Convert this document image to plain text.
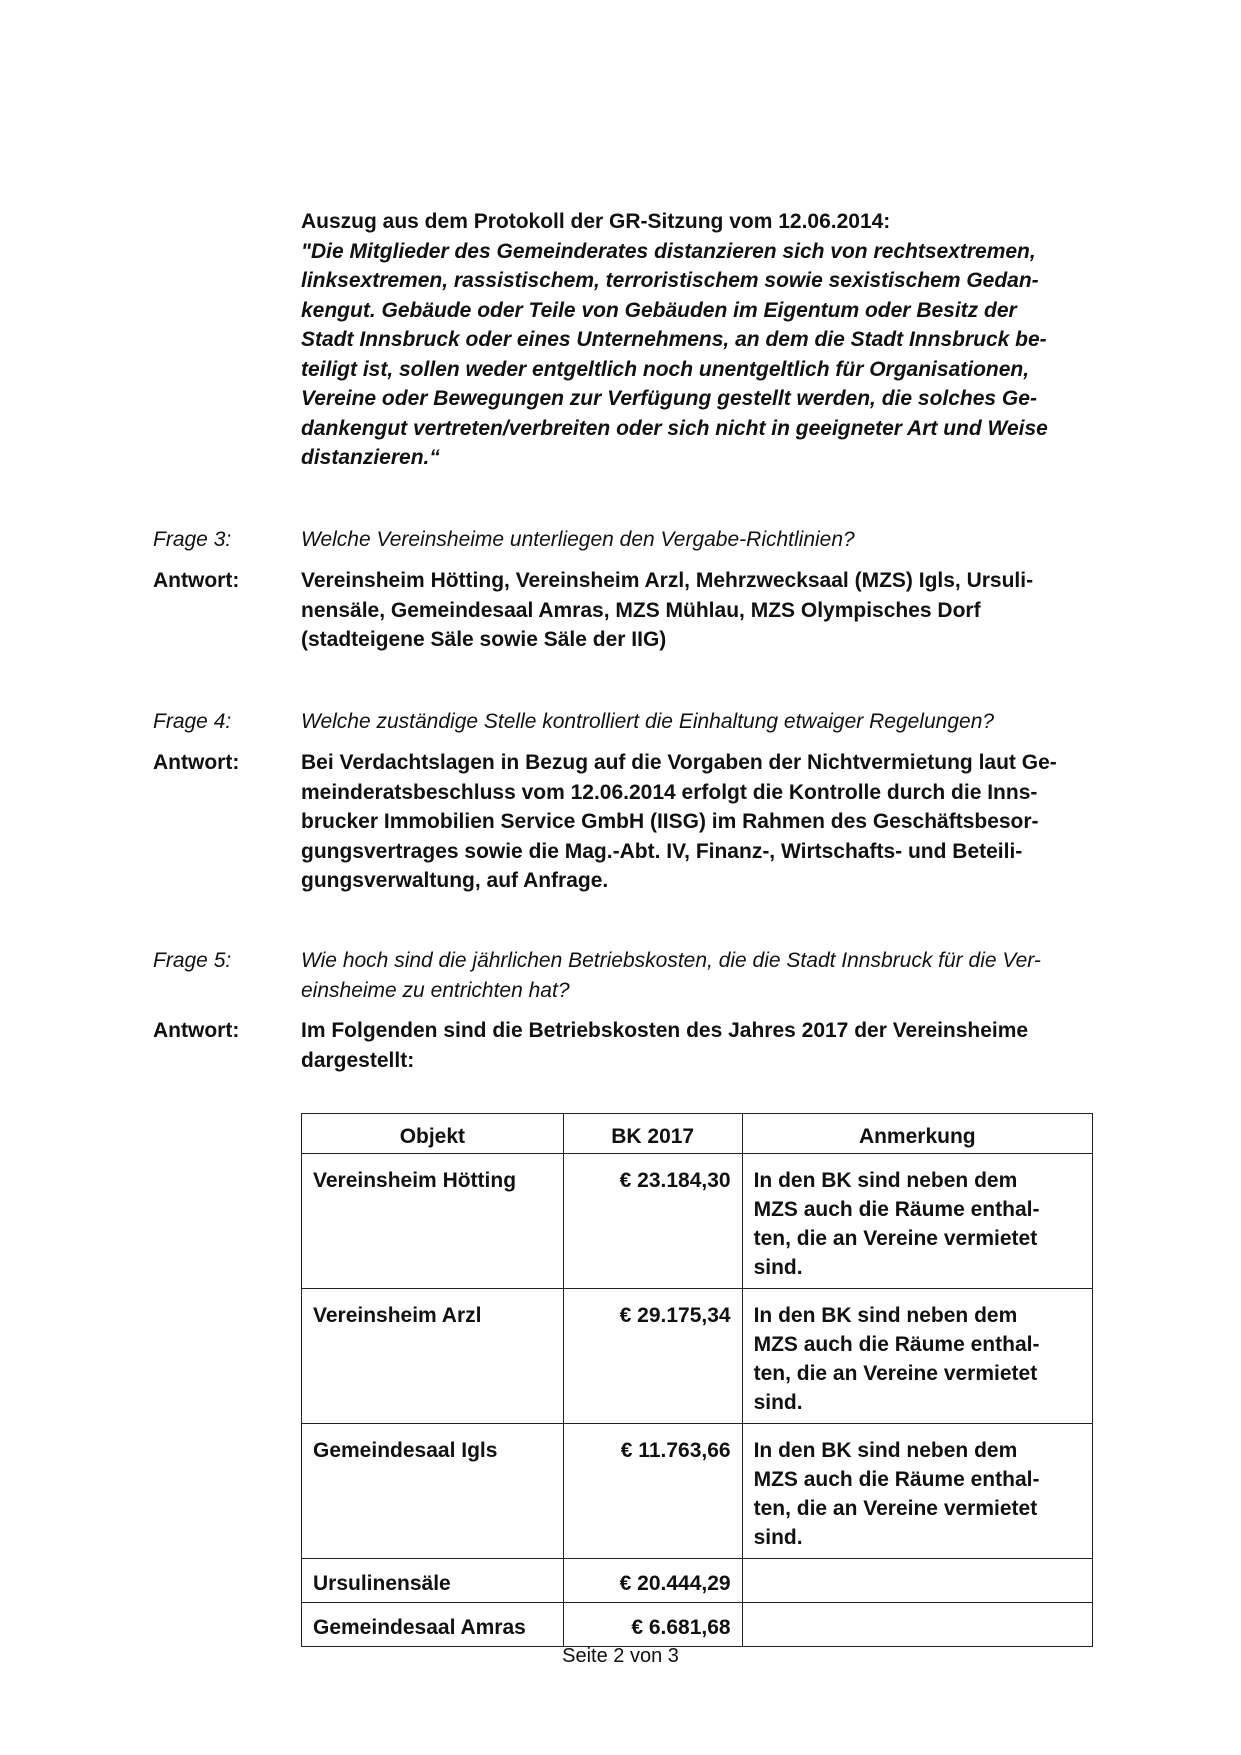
Auszug aus dem Protokoll der GR-Sitzung vom 12.06.2014:
"Die Mitglieder des Gemeinderates distanzieren sich von rechtsextremen,
linksextremen, rassistischem, terroristischem sowie sexistischem Gedan-
kengut. Gebäude oder Teile von Gebäuden im Eigentum oder Besitz der
Stadt Innsbruck oder eines Unternehmens, an dem die Stadt Innsbruck be-
teiligt ist, sollen weder entgeltlich noch unentgeltlich für Organisationen,
Vereine oder Bewegungen zur Verfügung gestellt werden, die solches Ge-
dankengut vertreten/verbreiten oder sich nicht in geeigneter Art und Weise
distanzieren.“
Frage 3:	Welche Vereinsheime unterliegen den Vergabe-Richtlinien?
Antwort:	Vereinsheim Hötting, Vereinsheim Arzl, Mehrzwecksaal (MZS) Igls, Ursuli-
nensäle, Gemeindesaal Amras, MZS Mühlau, MZS Olympisches Dorf
(stadteigene Säle sowie Säle der IIG)
Frage 4:	Welche zuständige Stelle kontrolliert die Einhaltung etwaiger Regelungen?
Antwort:	Bei Verdachtslagen in Bezug auf die Vorgaben der Nichtvermietung laut Ge-
meinderatsbeschluss vom 12.06.2014 erfolgt die Kontrolle durch die Inns-
brucker Immobilien Service GmbH (IISG) im Rahmen des Geschäftsbesor-
gungsvertrages sowie die Mag.-Abt. IV, Finanz-, Wirtschafts- und Beteili-
gungsverwaltung, auf Anfrage.
Frage 5:	Wie hoch sind die jährlichen Betriebskosten, die die Stadt Innsbruck für die Ver-
einsheime zu entrichten hat?
Antwort:	Im Folgenden sind die Betriebskosten des Jahres 2017 der Vereinsheime
dargestellt:
Objekt	BK 2017	Anmerkung
Vereinsheim Hötting	€ 23.184,30	In den BK sind neben dem
MZS auch die Räume enthal-
ten, die an Vereine vermietet
sind.
Vereinsheim Arzl	€ 29.175,34	In den BK sind neben dem
MZS auch die Räume enthal-
ten, die an Vereine vermietet
sind.
Gemeindesaal Igls	€ 11.763,66	In den BK sind neben dem
MZS auch die Räume enthal-
ten, die an Vereine vermietet
sind.
Ursulinensäle	€ 20.444,29	
Gemeindesaal Amras	€ 6.681,68	
Seite 2 von 3
